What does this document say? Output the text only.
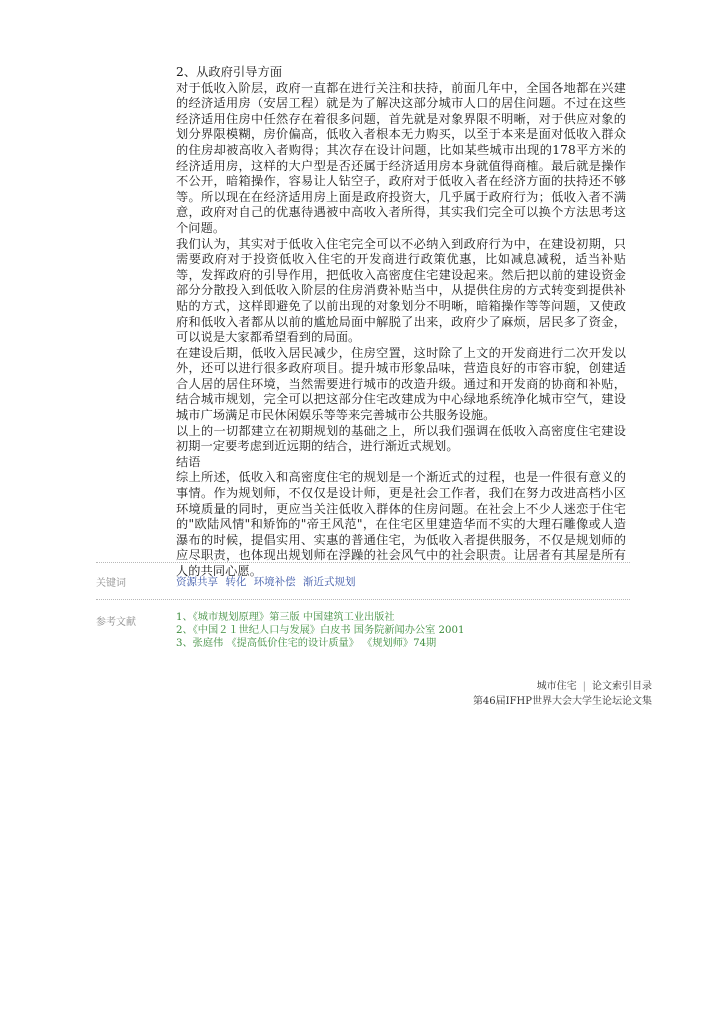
2、从政府引导方面

对于低收入阶层，政府一直都在进行关注和扶持，前面几年中，全国各地都在兴建的经济适用房（安居工程）就是为了解决这部分城市人口的居住问题。不过在这些经济适用住房中任然存在着很多问题，首先就是对象界限不明晰，对于供应对象的划分界限模糊，房价偏高，低收入者根本无力购买，以至于本来是面对低收入群众的住房却被高收入者购得；其次存在设计问题，比如某些城市出现的178平方米的经济适用房，这样的大户型是否还属于经济适用房本身就值得商榷。最后就是操作不公开，暗箱操作，容易让人钻空子，政府对于低收入者在经济方面的扶持还不够等。所以现在在经济适用房上面是政府投资大，几乎属于政府行为；低收入者不满意，政府对自己的优惠待遇被中高收入者所得，其实我们完全可以换个方法思考这个问题。

我们认为，其实对于低收入住宅完全可以不必纳入到政府行为中，在建设初期，只需要政府对于投资低收入住宅的开发商进行政策优惠，比如减息减税，适当补贴等，发挥政府的引导作用，把低收入高密度住宅建设起来。然后把以前的建设资金部分分散投入到低收入阶层的住房消费补贴当中，从提供住房的方式转变到提供补贴的方式，这样即避免了以前出现的对象划分不明晰，暗箱操作等等问题，又使政府和低收入者都从以前的尴尬局面中解脱了出来，政府少了麻烦，居民多了资金，可以说是大家都希望看到的局面。

在建设后期，低收入居民减少，住房空置，这时除了上文的开发商进行二次开发以外，还可以进行很多政府项目。提升城市形象品味，营造良好的市容市貌，创建适合人居的居住环境，当然需要进行城市的改造升级。通过和开发商的协商和补贴，结合城市规划，完全可以把这部分住宅改建成为中心绿地系统净化城市空气，建设城市广场满足市民休闲娱乐等等来完善城市公共服务设施。

以上的一切都建立在初期规划的基础之上，所以我们强调在低收入高密度住宅建设初期一定要考虑到近远期的结合，进行渐近式规划。

结语

综上所述，低收入和高密度住宅的规划是一个渐近式的过程，也是一件很有意义的事情。作为规划师，不仅仅是设计师，更是社会工作者，我们在努力改进高档小区环境质量的同时，更应当关注低收入群体的住房问题。在社会上不少人迷恋于住宅的"欧陆风情"和矫饰的"帝王风范"，在住宅区里建造华而不实的大理石雕像或人造瀑布的时候，提倡实用、实惠的普通住宅，为低收入者提供服务，不仅是规划师的应尽职责，也体现出规划师在浮躁的社会风气中的社会职责。让居者有其屋是所有人的共同心愿。

关键词	资源共享 转化 环境补偿 渐近式规划
参考文献	1、《城市规划原理》第三版 中国建筑工业出版社
2、《中国２１世纪人口与发展》白皮书 国务院新闻办公室 2001
3、张庭伟 《提高低价住宅的设计质量》 《规划师》74期
城市住宅 | 论文索引目录
第46届IFHP世界大会大学生论坛论文集
